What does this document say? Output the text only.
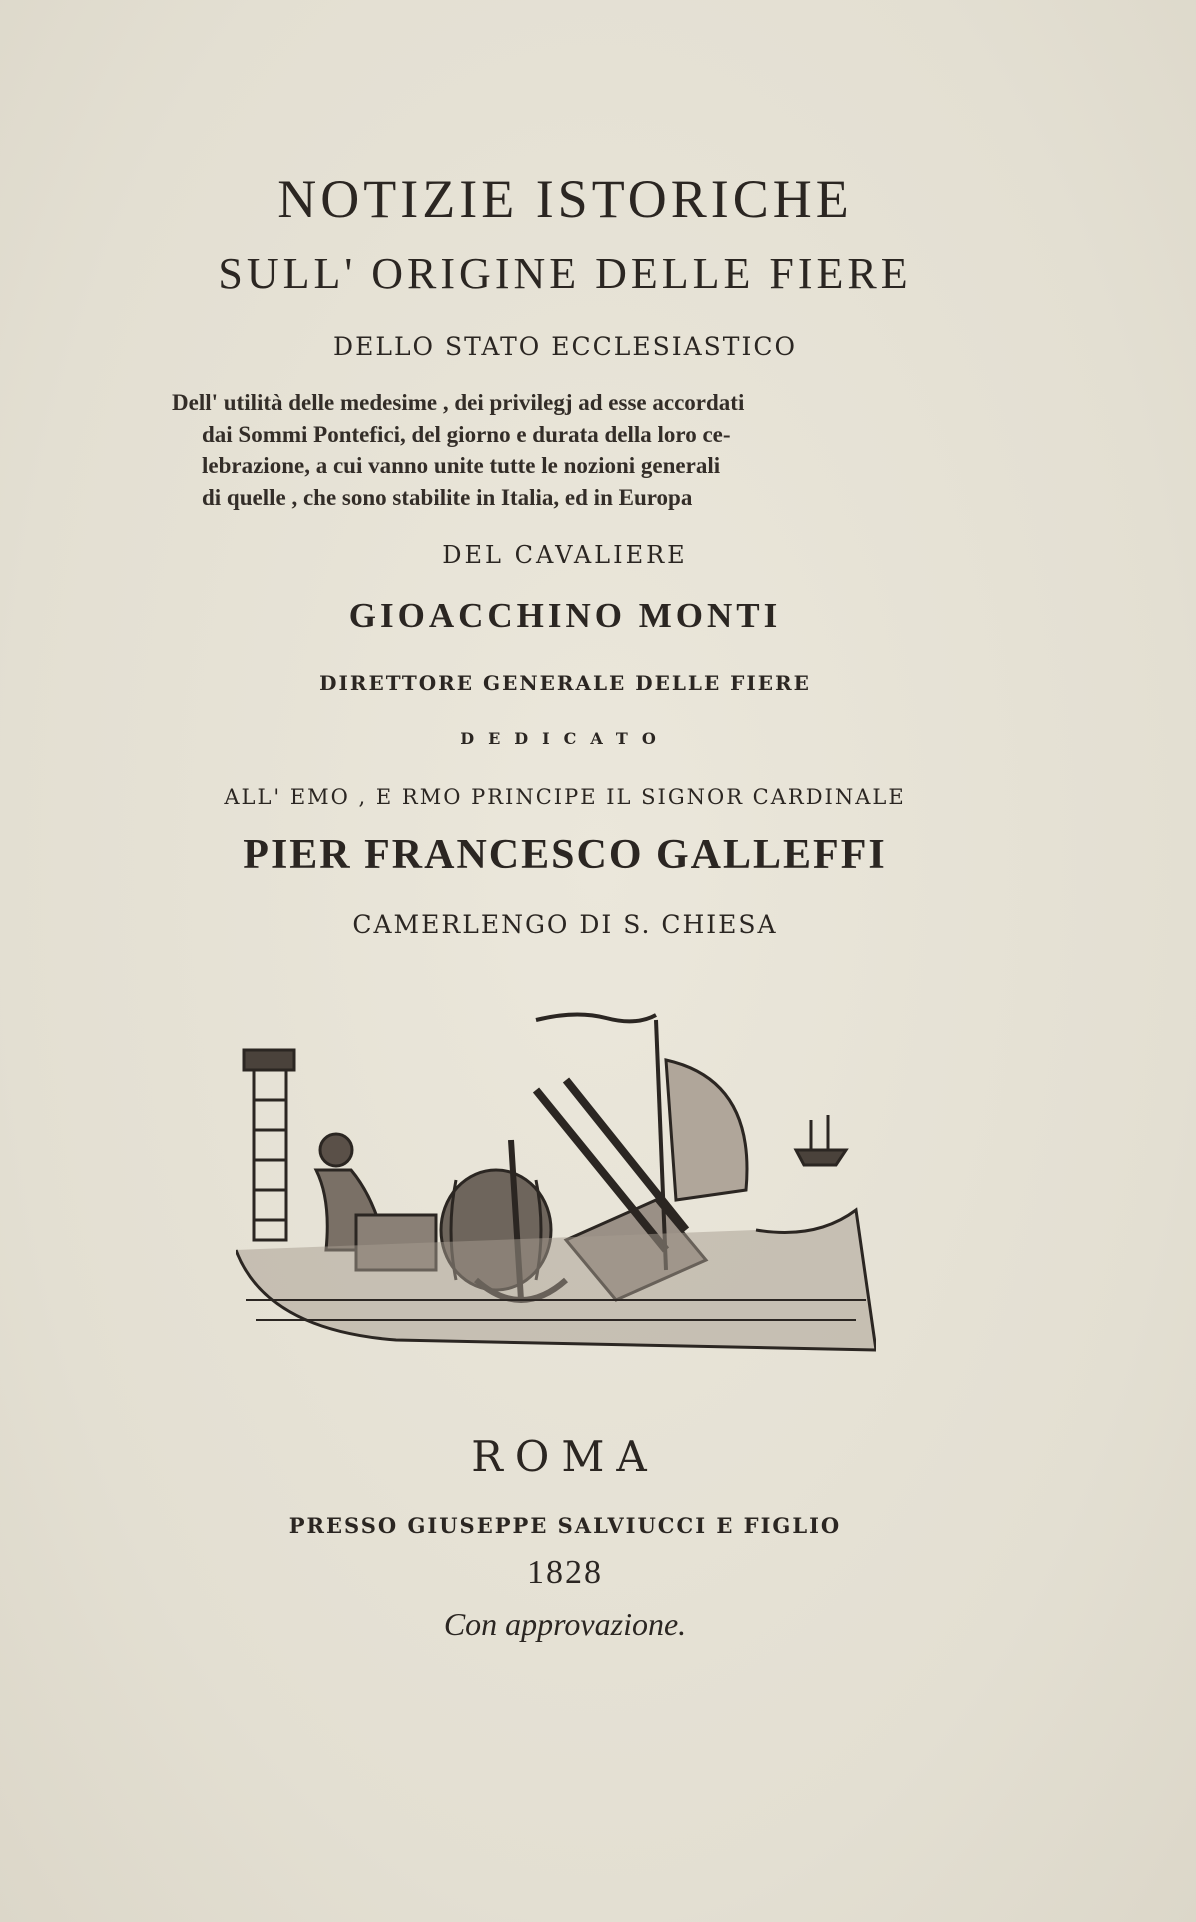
NOTIZIE ISTORICHE
SULL' ORIGINE DELLE FIERE
DELLO STATO ECCLESIASTICO
Dell' utilità delle medesime , dei privilegj ad esse accordati
dai Sommi Pontefici, del giorno e durata della loro ce-
lebrazione, a cui vanno unite tutte le nozioni generali
di quelle , che sono stabilite in Italia, ed in Europa
DEL CAVALIERE
GIOACCHINO MONTI
DIRETTORE GENERALE DELLE FIERE
DEDICATO
ALL' EMO , E RMO PRINCIPE IL SIGNOR CARDINALE
PIER FRANCESCO GALLEFFI
CAMERLENGO DI S. CHIESA
ROMA
PRESSO GIUSEPPE SALVIUCCI E FIGLIO
1828
Con approvazione.
